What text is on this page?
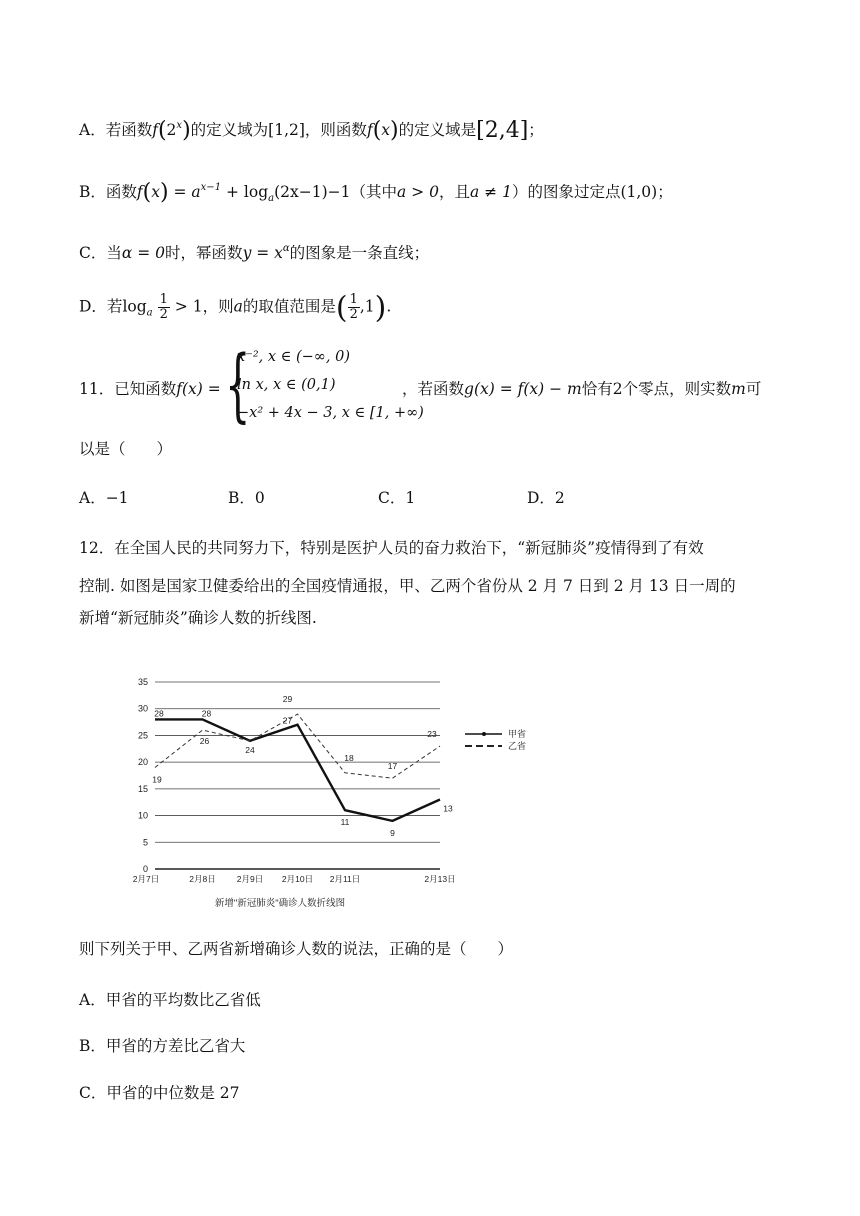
A．若函数f(2$^x$)的定义域为[1,2]，则函数f(x)的定义域是[2,4]；
B．函数$f(x) = a^{x-1} + \log_a(2x-1)-1$（其中a > 0，且a ≠ 1）的图象过定点(1,0)；
C．当α = 0时，幂函数$y = x^\alpha$的图象是一条直线；
D．若$\log_a \frac{1}{2} > 1$，则a的取值范围是( $\frac{1}{2} ,1$).
11．已知函数f(x) = {
x⁻², x ∈ (−∞, 0)
ln x, x ∈ (0,1)
−x² + 4x − 3, x ∈ [1, +∞)
，若函数g(x) = f(x) − m恰有2个零点，则实数m可
以是（　　）
A．−1	B．0	C．1	D．2
12．在全国人民的共同努力下，特别是医护人员的奋力救治下，“新冠肺炎”疫情得到了有效
控制. 如图是国家卫健委给出的全国疫情通报，甲、乙两个省份从 2 月 7 日到 2 月 13 日一周的
新增“新冠肺炎”确诊人数的折线图.
0
5
10
15
20
25
30
35
2月7日	2月8日 2月9日 2月10日 2月11日	2月13日
28	28
24
27
11
9
13
19
26
29
18
17
23	甲省
乙省
新增"新冠肺炎"确诊人数折线图
则下列关于甲、乙两省新增确诊人数的说法，正确的是（　　）
A．甲省的平均数比乙省低
B．甲省的方差比乙省大
C．甲省的中位数是 27
